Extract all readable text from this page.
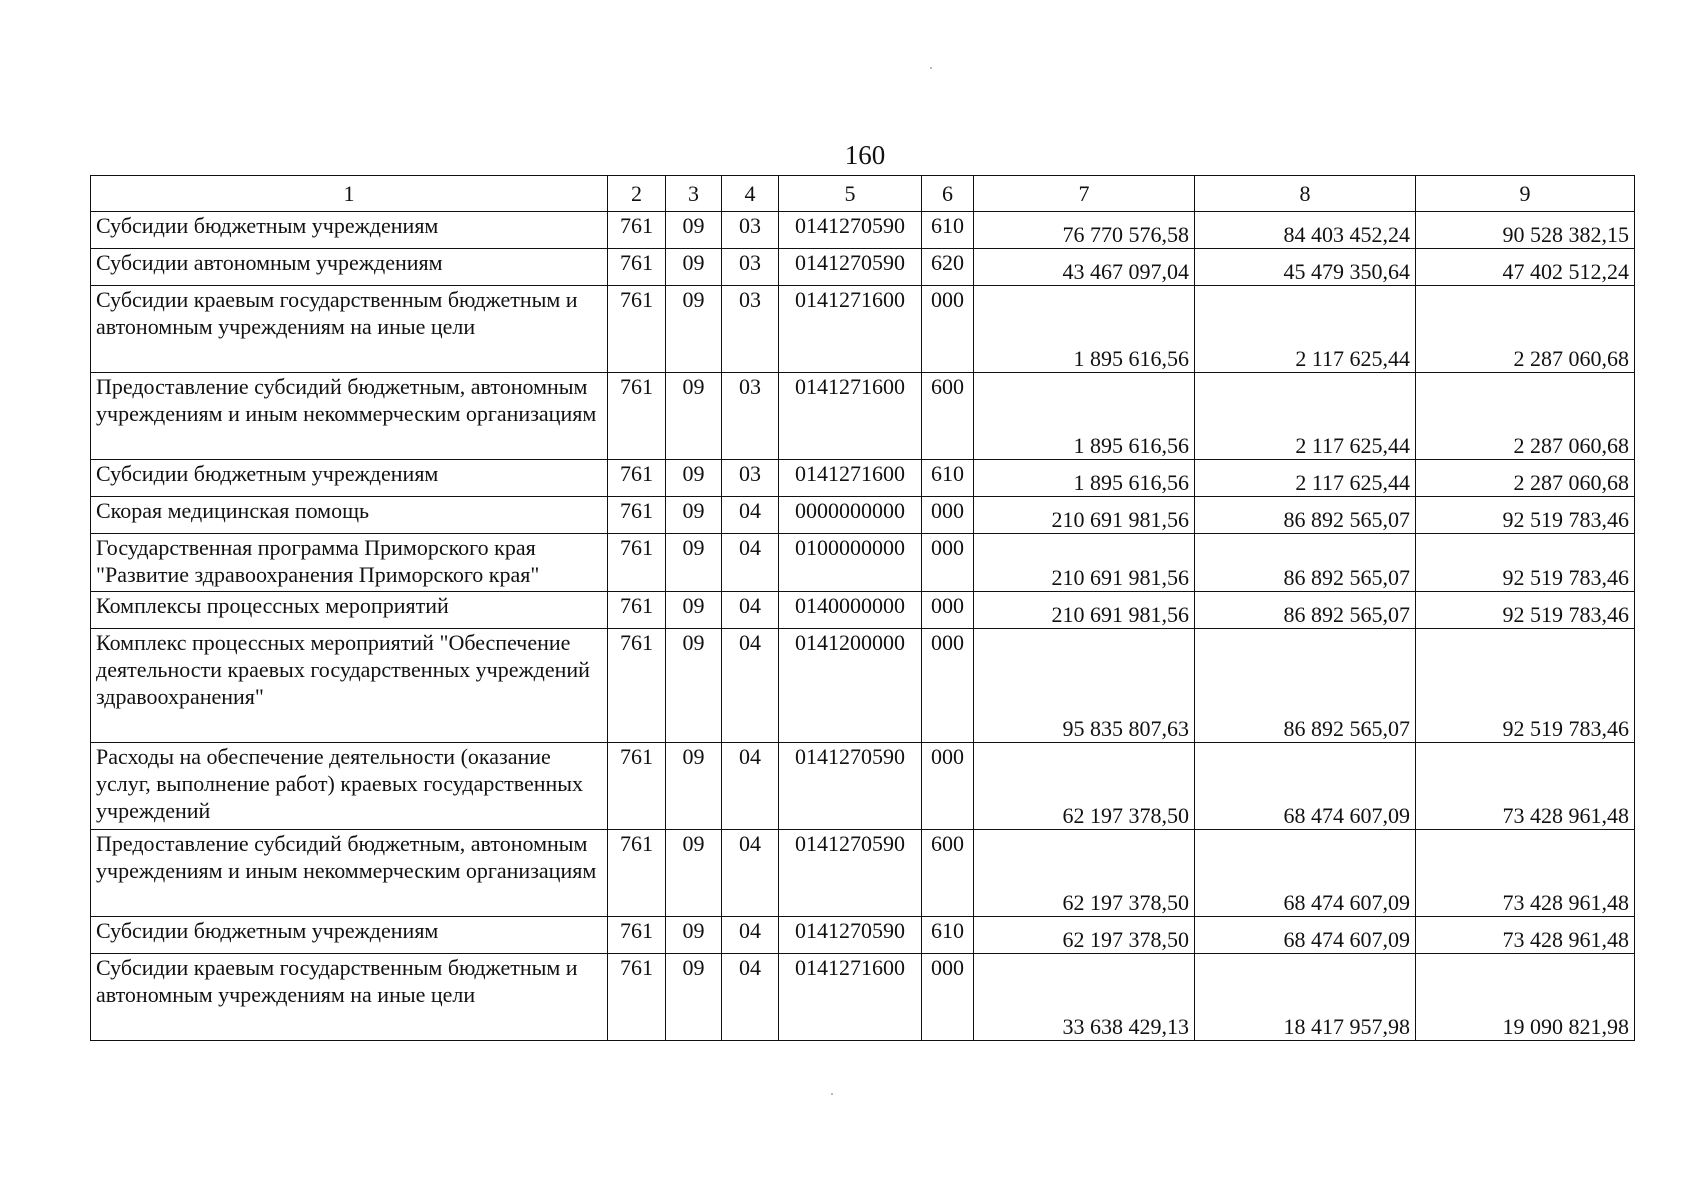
160
1	2	3	4	5	6	7	8	9
Субсидии бюджетным учреждениям	761	09	03	0141270590	610	76 770 576,58	84 403 452,24	90 528 382,15
Субсидии автономным учреждениям	761	09	03	0141270590	620	43 467 097,04	45 479 350,64	47 402 512,24
Субсидии краевым государственным бюджетным и автономным учреждениям на иные цели	761	09	03	0141271600	000	1 895 616,56	2 117 625,44	2 287 060,68
Предоставление субсидий бюджетным, автономным учреждениям и иным некоммерческим организациям	761	09	03	0141271600	600	1 895 616,56	2 117 625,44	2 287 060,68
Субсидии бюджетным учреждениям	761	09	03	0141271600	610	1 895 616,56	2 117 625,44	2 287 060,68
Скорая медицинская помощь	761	09	04	0000000000	000	210 691 981,56	86 892 565,07	92 519 783,46
Государственная программа Приморского края "Развитие здравоохранения Приморского края"	761	09	04	0100000000	000	210 691 981,56	86 892 565,07	92 519 783,46
Комплексы процессных мероприятий	761	09	04	0140000000	000	210 691 981,56	86 892 565,07	92 519 783,46
Комплекс процессных мероприятий "Обеспечение деятельности краевых государственных учреждений здравоохранения"	761	09	04	0141200000	000	95 835 807,63	86 892 565,07	92 519 783,46
Расходы на обеспечение деятельности (оказание услуг, выполнение работ) краевых государственных учреждений	761	09	04	0141270590	000	62 197 378,50	68 474 607,09	73 428 961,48
Предоставление субсидий бюджетным, автономным учреждениям и иным некоммерческим организациям	761	09	04	0141270590	600	62 197 378,50	68 474 607,09	73 428 961,48
Субсидии бюджетным учреждениям	761	09	04	0141270590	610	62 197 378,50	68 474 607,09	73 428 961,48
Субсидии краевым государственным бюджетным и автономным учреждениям на иные цели	761	09	04	0141271600	000	33 638 429,13	18 417 957,98	19 090 821,98
